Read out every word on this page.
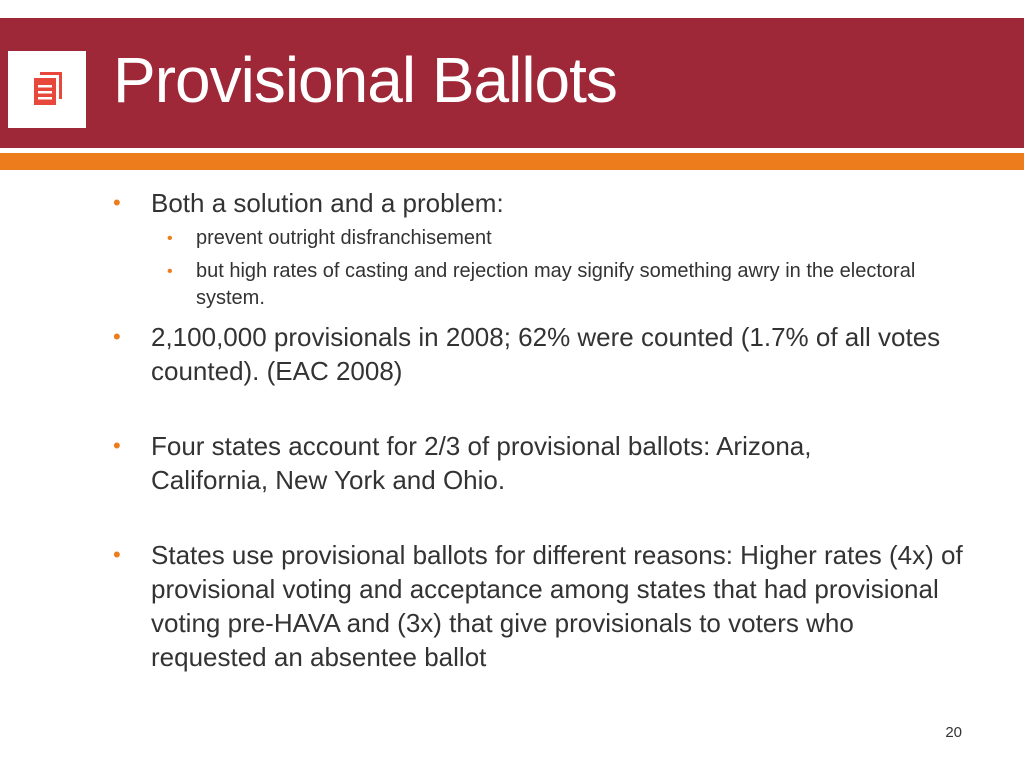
Provisional Ballots
• Both a solution and a problem:
• prevent outright disfranchisement
• but high rates of casting and rejection may signify something awry in the electoral system.
• 2,100,000 provisionals in 2008; 62% were counted (1.7% of all votes counted). (EAC 2008)
• Four states account for 2/3 of provisional ballots: Arizona, California, New York and Ohio.
• States use provisional ballots for different reasons: Higher rates (4x) of provisional voting and acceptance among states that had provisional voting pre-HAVA and (3x) that give provisionals to voters who requested an absentee ballot
20
